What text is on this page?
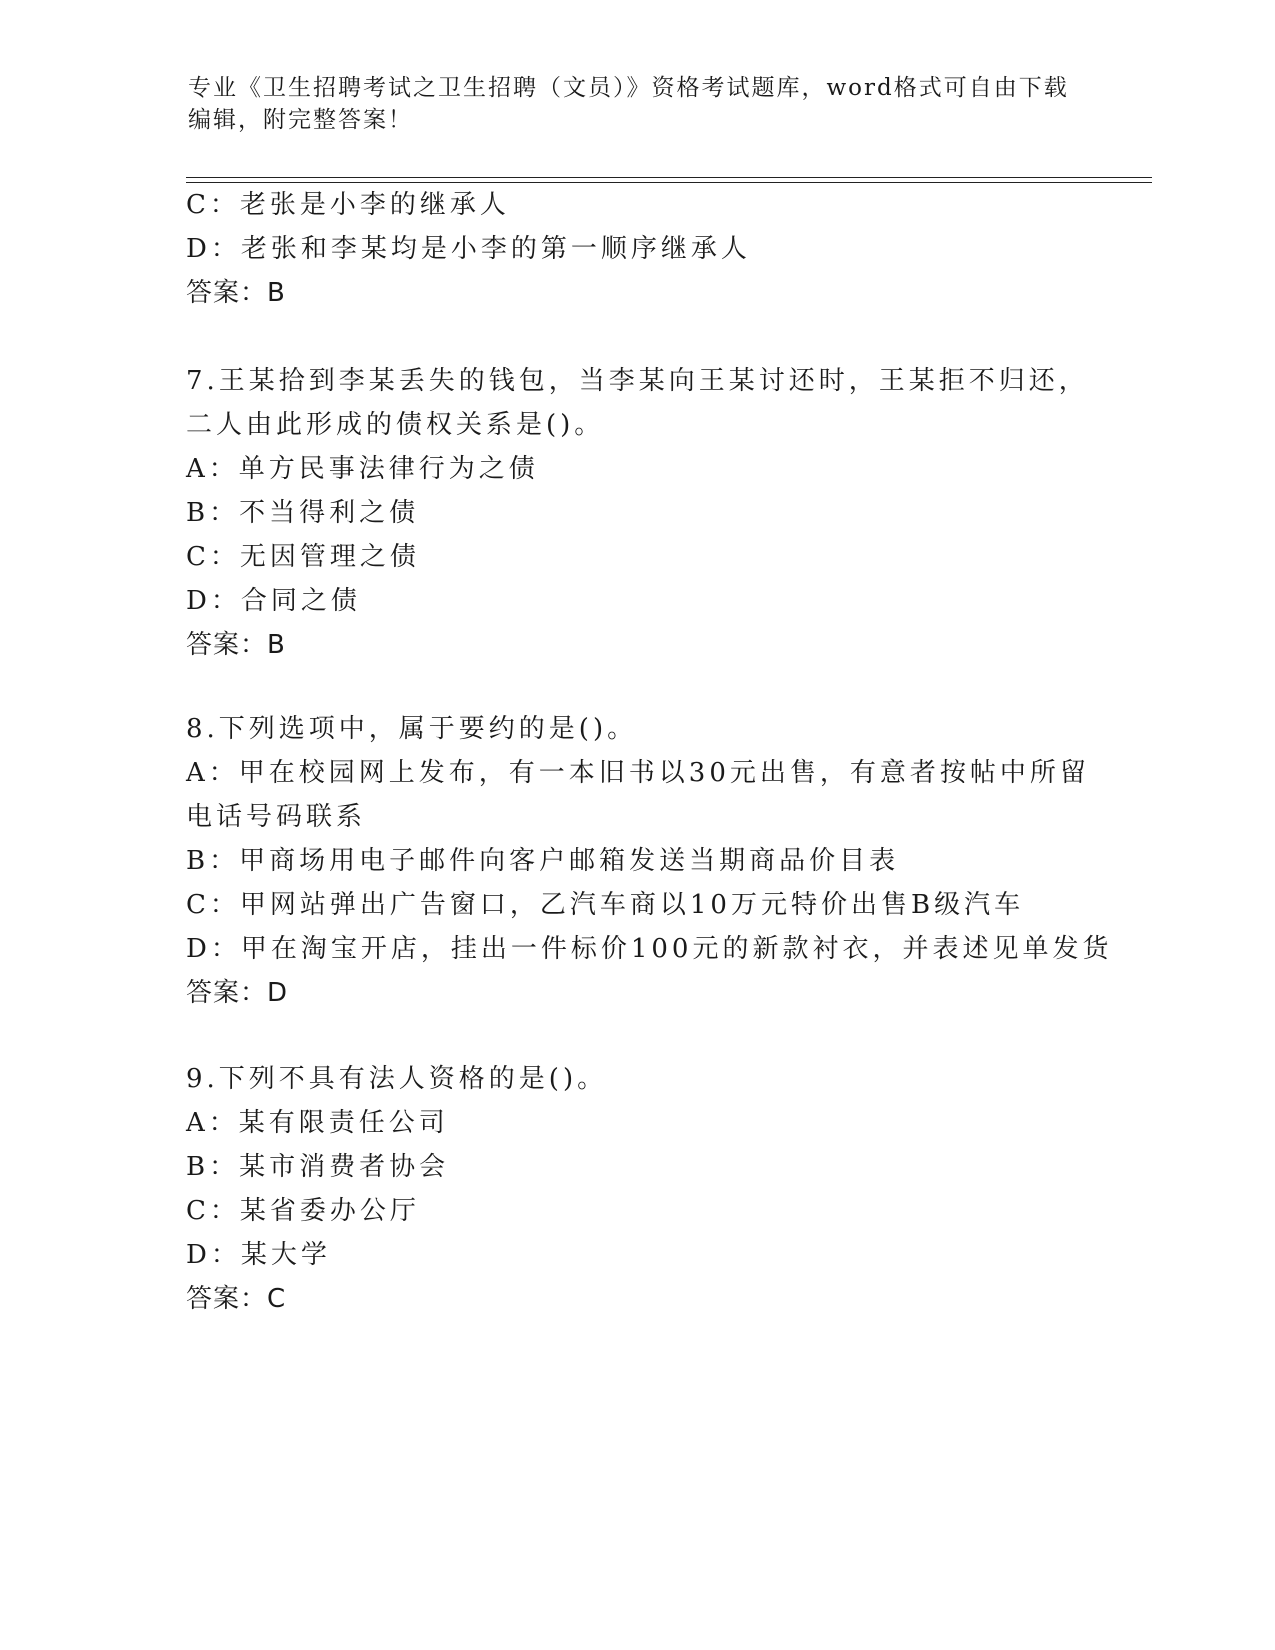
专业《卫生招聘考试之卫生招聘（文员）》资格考试题库，word格式可自由下载
编辑，附完整答案！
C：老张是小李的继承人
D：老张和李某均是小李的第一顺序继承人
答案：B
7.王某拾到李某丢失的钱包，当李某向王某讨还时，王某拒不归还，
二人由此形成的债权关系是()。
A：单方民事法律行为之债
B：不当得利之债
C：无因管理之债
D：合同之债
答案：B
8.下列选项中，属于要约的是()。
A：甲在校园网上发布，有一本旧书以30元出售，有意者按帖中所留
电话号码联系
B：甲商场用电子邮件向客户邮箱发送当期商品价目表
C：甲网站弹出广告窗口，乙汽车商以10万元特价出售B级汽车
D：甲在淘宝开店，挂出一件标价100元的新款衬衣，并表述见单发货
答案：D
9.下列不具有法人资格的是()。
A：某有限责任公司
B：某市消费者协会
C：某省委办公厅
D：某大学
答案：C
